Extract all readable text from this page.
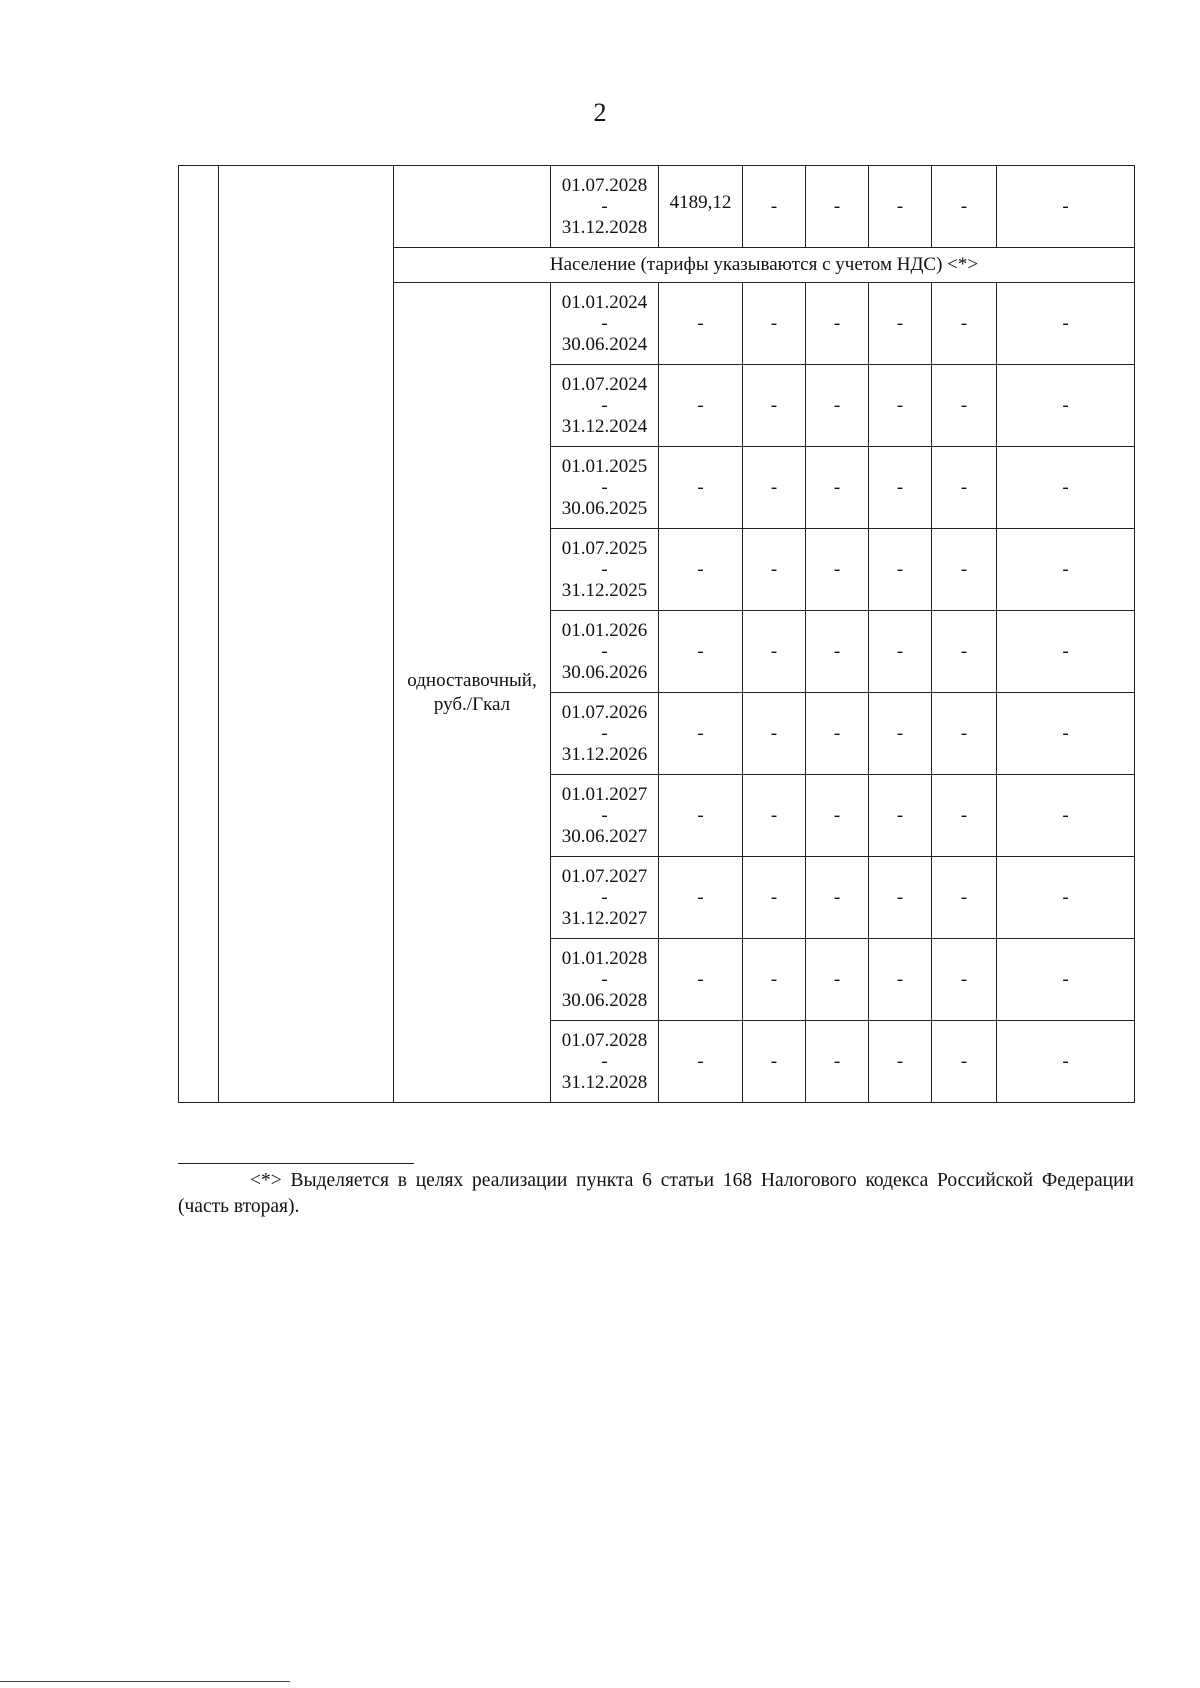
2

			01.07.2028
-
31.12.2028	4189,12	-	-	-	-	-
		Население (тарифы указываются с учетом НДС) <*>							
		одноставочный, руб./Гкал	01.01.2024
-
30.06.2024	-	-	-	-	-	-

			01.07.2024
-
31.12.2024	-	-	-	-	-	-

			01.01.2025
-
30.06.2025	-	-	-	-	-	-

			01.07.2025
-
31.12.2025	-	-	-	-	-	-

			01.01.2026
-
30.06.2026	-	-	-	-	-	-

			01.07.2026
-
31.12.2026	-	-	-	-	-	-

			01.01.2027
-
30.06.2027	-	-	-	-	-	-

			01.07.2027
-
31.12.2027	-	-	-	-	-	-

			01.01.2028
-
30.06.2028	-	-	-	-	-	-

			01.07.2028
-
31.12.2028	-	-	-	-	-	-
<*> Выделяется в целях реализации пункта 6 статьи 168 Налогового кодекса Российской Федерации (часть вторая).
